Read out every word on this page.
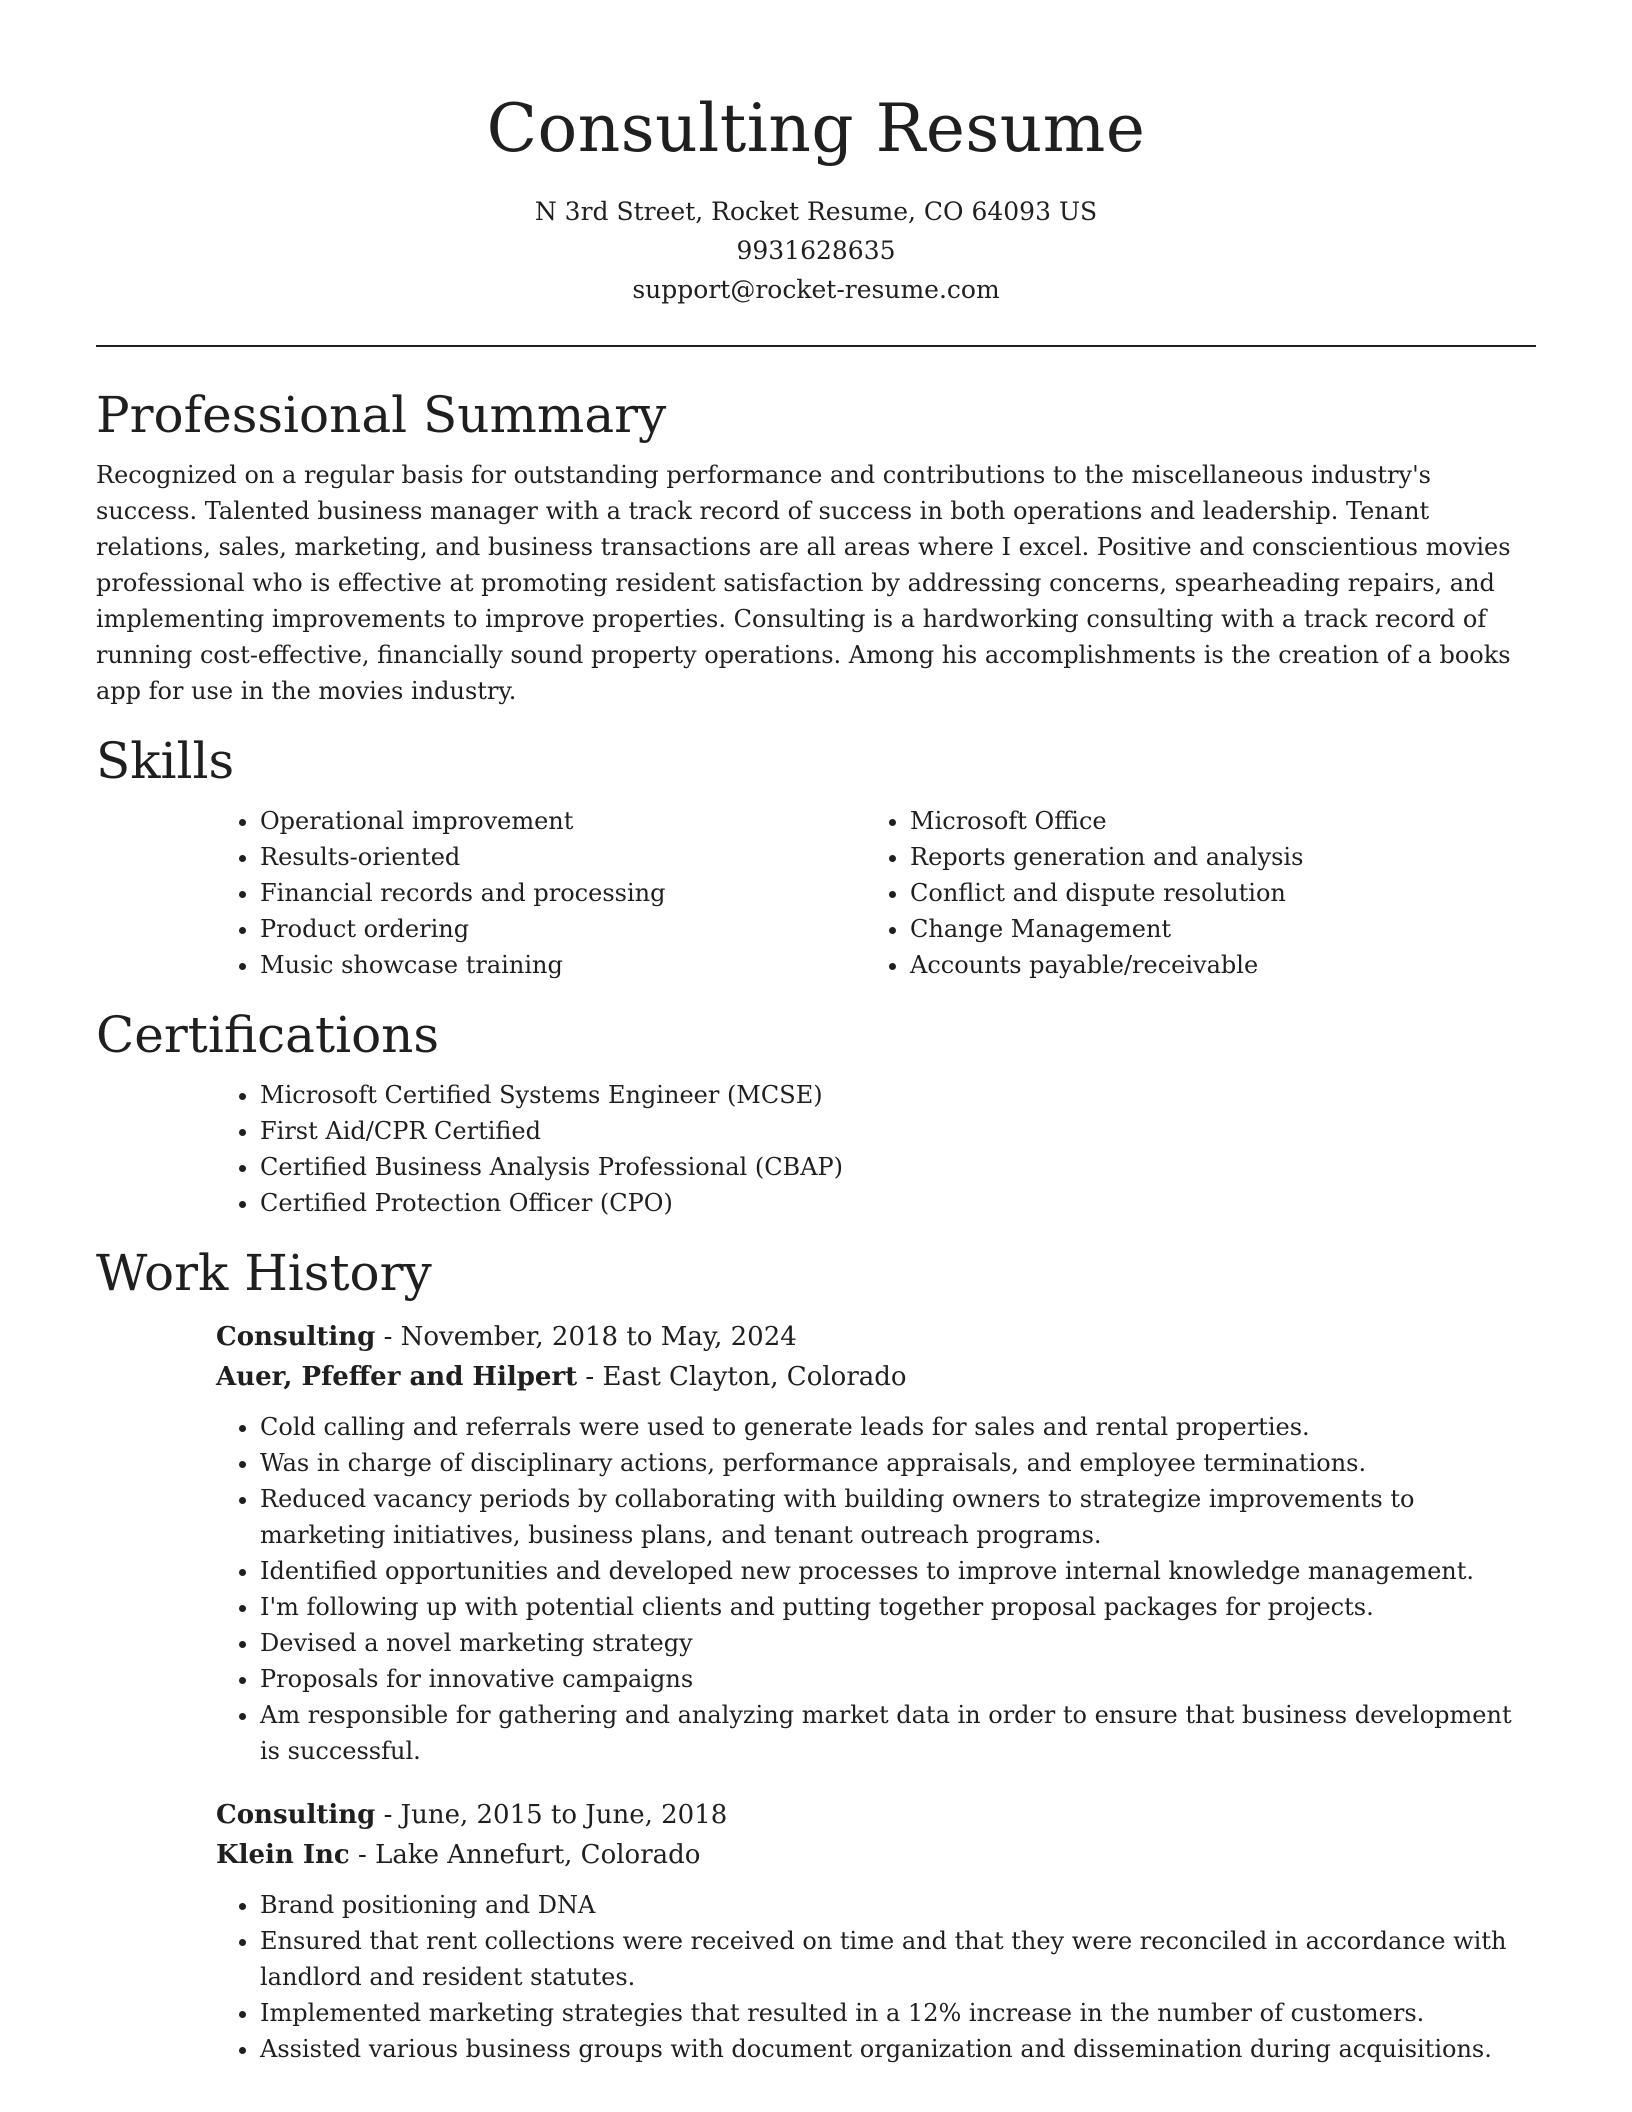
Consulting Resume
N 3rd Street, Rocket Resume, CO 64093 US
9931628635
support@rocket-resume.com
Professional Summary

Recognized on a regular basis for outstanding performance and contributions to the miscellaneous industry's success. Talented business manager with a track record of success in both operations and leadership. Tenant relations, sales, marketing, and business transactions are all areas where I excel. Positive and conscientious movies professional who is effective at promoting resident satisfaction by addressing concerns, spearheading repairs, and implementing improvements to improve properties. Consulting is a hardworking consulting with a track record of running cost-effective, financially sound property operations. Among his accomplishments is the creation of a books app for use in the movies industry.

Skills
• Operational improvement
• Results-oriented
• Financial records and processing
• Product ordering
• Music showcase training
• Microsoft Office
• Reports generation and analysis
• Conflict and dispute resolution
• Change Management
• Accounts payable/receivable
Certifications
• Microsoft Certified Systems Engineer (MCSE)
• First Aid/CPR Certified
• Certified Business Analysis Professional (CBAP)
• Certified Protection Officer (CPO)
Work History
Consulting - November, 2018 to May, 2024
Auer, Pfeffer and Hilpert - East Clayton, Colorado
• Cold calling and referrals were used to generate leads for sales and rental properties.
• Was in charge of disciplinary actions, performance appraisals, and employee terminations.
• Reduced vacancy periods by collaborating with building owners to strategize improvements to marketing initiatives, business plans, and tenant outreach programs.
• Identified opportunities and developed new processes to improve internal knowledge management.
• I'm following up with potential clients and putting together proposal packages for projects.
• Devised a novel marketing strategy
• Proposals for innovative campaigns
• Am responsible for gathering and analyzing market data in order to ensure that business development is successful.
Consulting - June, 2015 to June, 2018
Klein Inc - Lake Annefurt, Colorado
• Brand positioning and DNA
• Ensured that rent collections were received on time and that they were reconciled in accordance with landlord and resident statutes.
• Implemented marketing strategies that resulted in a 12% increase in the number of customers.
• Assisted various business groups with document organization and dissemination during acquisitions.
